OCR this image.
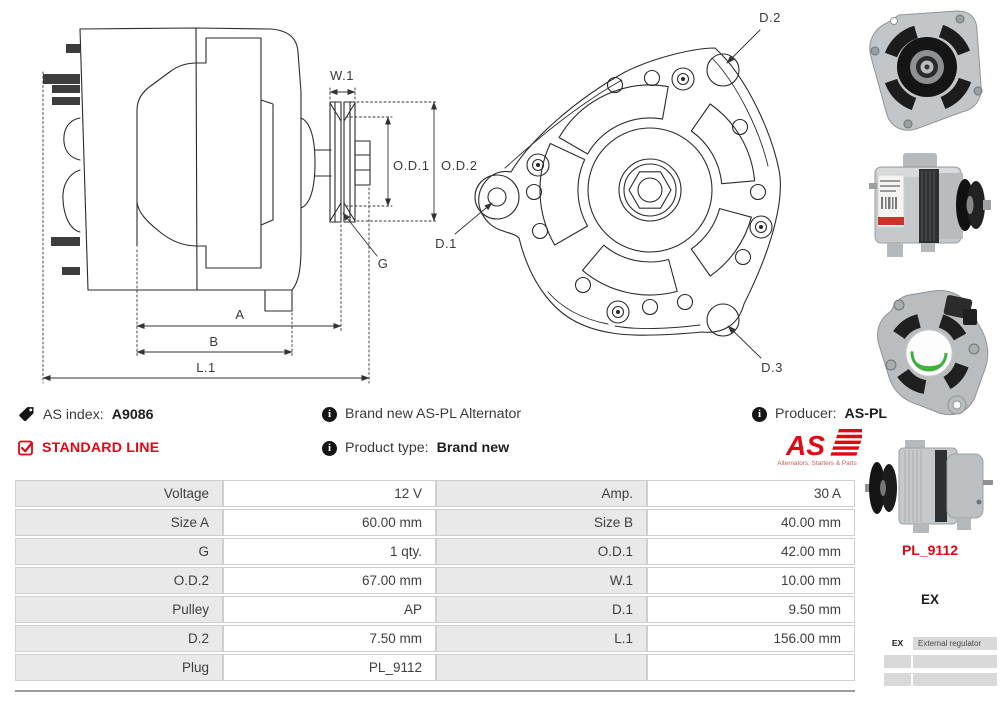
W.1
O.D.1 O.D.2
G
A
B
L.1
D.2
D.1
D.3
AS index: A9086	i Brand new AS-PL Alternator	i Producer: AS-PL
STANDARD LINE	i Product type: Brand new	AS
Alternators, Starters & Parts
Voltage	12 V	Amp.	30 A
Size A	60.00 mm	Size B	40.00 mm
G	1 qty.	O.D.1	42.00 mm
O.D.2	67.00 mm	W.1	10.00 mm
Pulley	AP	D.1	9.50 mm
D.2	7.50 mm	L.1	156.00 mm
Plug	PL_9112		
PL_9112
EX
EX	External regulator
